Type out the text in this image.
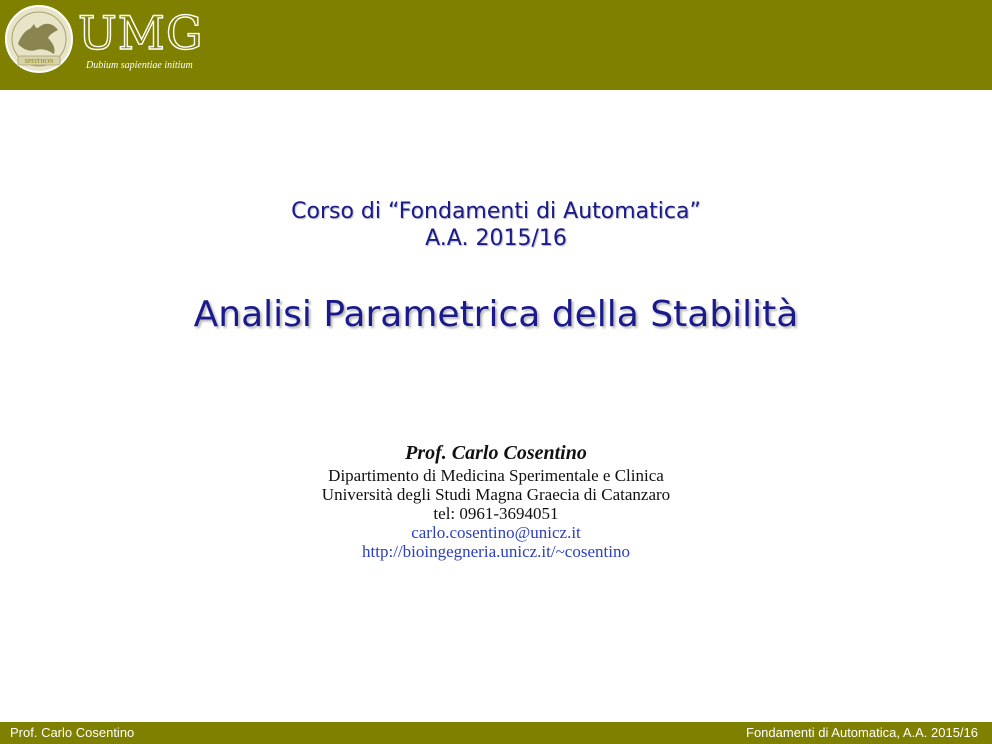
SPEITHON
UMG
Dubium sapientiae initium
Corso di “Fondamenti di Automatica”
A.A. 2015/16
Analisi Parametrica della Stabilità
Prof. Carlo Cosentino
Dipartimento di Medicina Sperimentale e Clinica
Università degli Studi Magna Graecia di Catanzaro
tel: 0961-3694051
carlo.cosentino@unicz.it
http://bioingegneria.unicz.it/~cosentino
Prof. Carlo Cosentino	Fondamenti di Automatica, A.A. 2015/16
